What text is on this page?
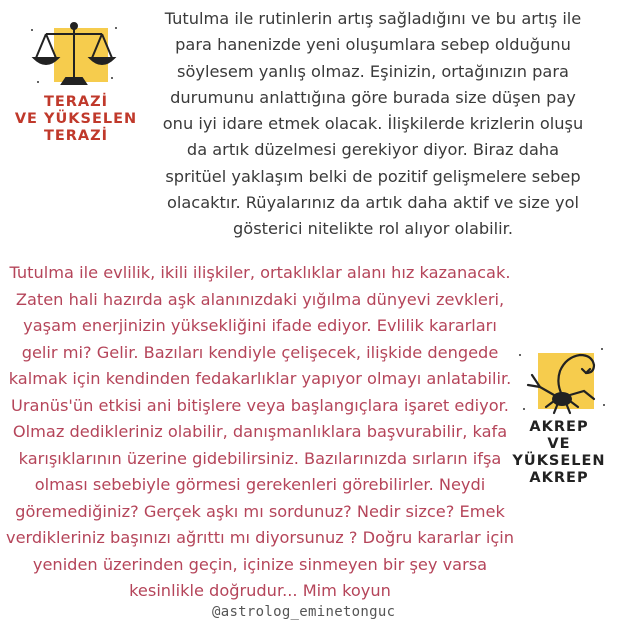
TERAZİ
VE YÜKSELEN
TERAZİ
Tutulma ile rutinlerin artış sağladığını ve bu artış ile
para hanenizde yeni oluşumlara sebep olduğunu
söylesem yanlış olmaz. Eşinizin, ortağınızın para
durumunu anlattığına göre burada size düşen pay
onu iyi idare etmek olacak. İlişkilerde krizlerin oluşu
da artık düzelmesi gerekiyor diyor. Biraz daha
spritüel yaklaşım belki de pozitif gelişmelere sebep
olacaktır. Rüyalarınız da artık daha aktif ve size yol
gösterici nitelikte rol alıyor olabilir.
Tutulma ile evlilik, ikili ilişkiler, ortaklıklar alanı hız kazanacak.
Zaten hali hazırda aşk alanınızdaki yığılma dünyevi zevkleri,
yaşam enerjinizin yüksekliğini ifade ediyor. Evlilik kararları
gelir mi? Gelir. Bazıları kendiyle çelişecek, ilişkide dengede
kalmak için kendinden fedakarlıklar yapıyor olmayı anlatabilir.
Uranüs'ün etkisi ani bitişlere veya başlangıçlara işaret ediyor.
Olmaz dedikleriniz olabilir, danışmanlıklara başvurabilir, kafa
karışıklarının üzerine gidebilirsiniz. Bazılarınızda sırların ifşa
olması sebebiyle görmesi gerekenleri görebilirler. Neydi
göremediğiniz? Gerçek aşkı mı sordunuz? Nedir sizce? Emek
verdikleriniz başınızı ağrıttı mı diyorsunuz ? Doğru kararlar için
yeniden üzerinden geçin, içinize sinmeyen bir şey varsa
kesinlikle doğrudur... Mim koyun
AKREP
VE YÜKSELEN
AKREP
@astrolog_eminetonguc
